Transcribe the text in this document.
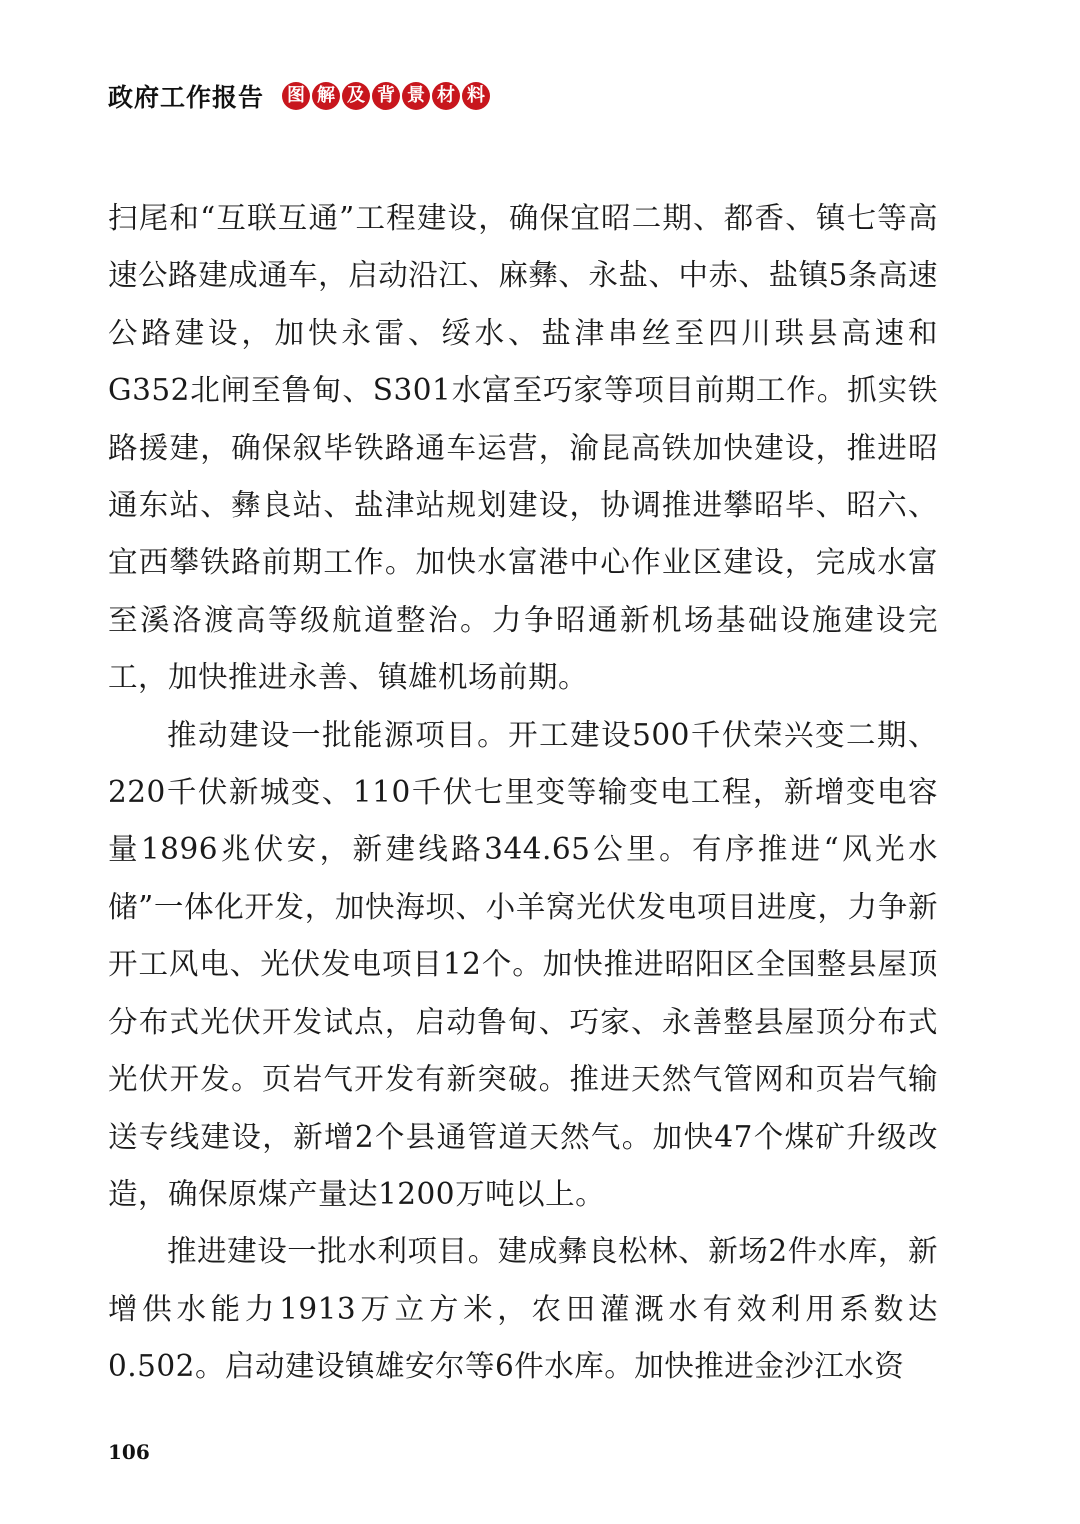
政府工作报告 图 解 及 背 景 材 料

扫尾和“互联互通”工程建设，确保宜昭二期、都香、镇七等高速公路建成通车，启动沿江、麻彝、永盐、中赤、盐镇5条高速公路建设，加快永雷、绥水、盐津串丝至四川珙县高速和G352北闸至鲁甸、S301水富至巧家等项目前期工作。抓实铁路援建，确保叙毕铁路通车运营，渝昆高铁加快建设，推进昭通东站、彝良站、盐津站规划建设，协调推进攀昭毕、昭六、宜西攀铁路前期工作。加快水富港中心作业区建设，完成水富至溪洛渡高等级航道整治。力争昭通新机场基础设施建设完工，加快推进永善、镇雄机场前期。

推动建设一批能源项目。开工建设500千伏荣兴变二期、220千伏新城变、110千伏七里变等输变电工程，新增变电容量1896兆伏安，新建线路344.65公里。有序推进“风光水储”一体化开发，加快海坝、小羊窝光伏发电项目进度，力争新开工风电、光伏发电项目12个。加快推进昭阳区全国整县屋顶分布式光伏开发试点，启动鲁甸、巧家、永善整县屋顶分布式光伏开发。页岩气开发有新突破。推进天然气管网和页岩气输送专线建设，新增2个县通管道天然气。加快47个煤矿升级改造，确保原煤产量达1200万吨以上。

推进建设一批水利项目。建成彝良松林、新场2件水库，新增供水能力1913万立方米，农田灌溉水有效利用系数达0.502。启动建设镇雄安尔等6件水库。加快推进金沙江水资

106
